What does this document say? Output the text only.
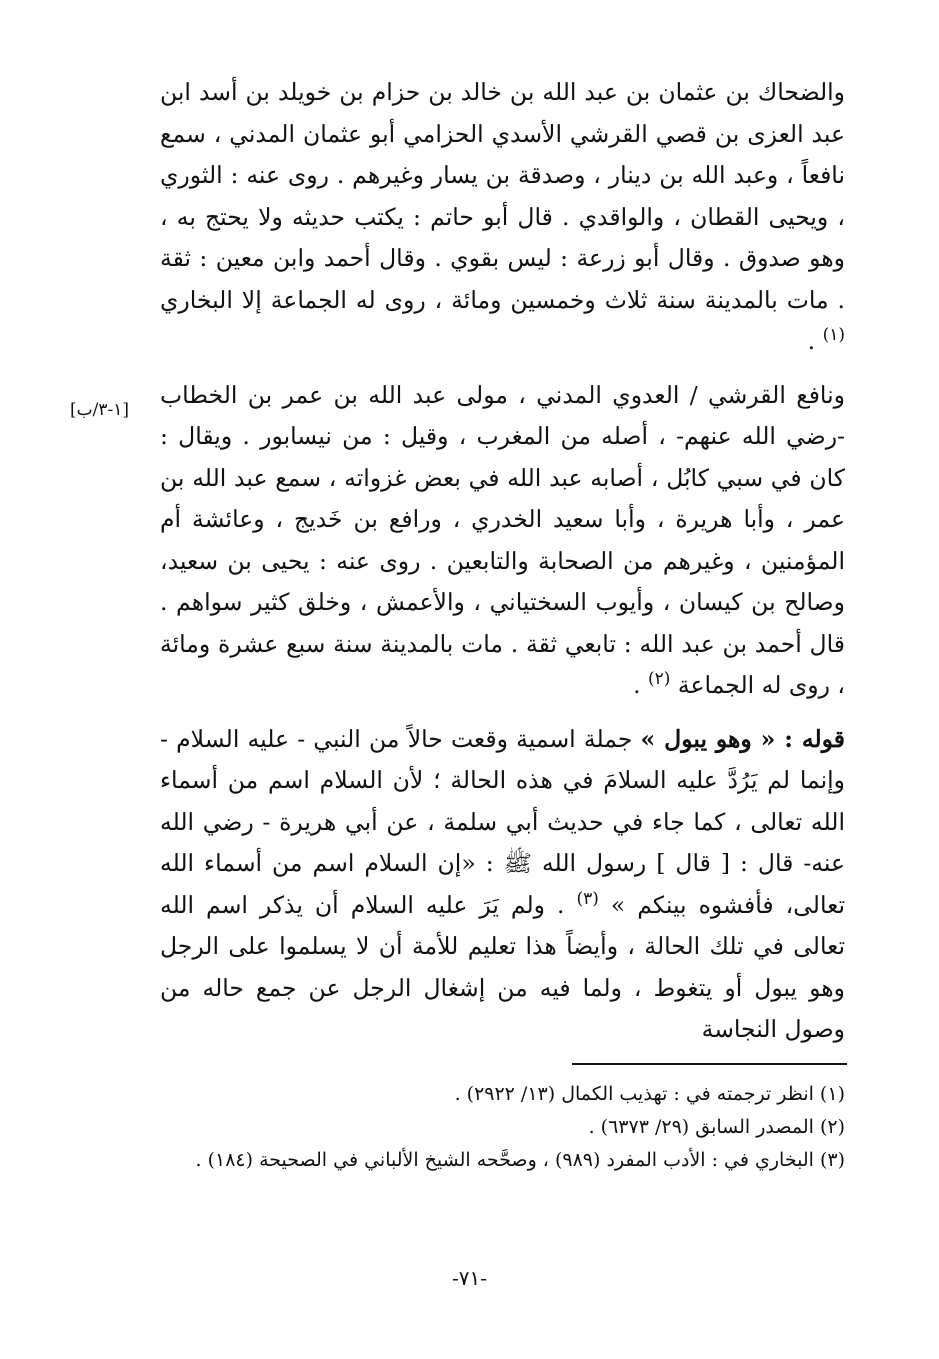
والضحاك بن عثمان بن عبد الله بن خالد بن حزام بن خويلد بن أسد ابن عبد العزى بن قصي القرشي الأسدي الحزامي أبو عثمان المدني ، سمع نافعاً ، وعبد الله بن دينار ، وصدقة بن يسار وغيرهم . روى عنه : الثوري ، ويحيى القطان ، والواقدي . قال أبو حاتم : يكتب حديثه ولا يحتج به ، وهو صدوق . وقال أبو زرعة : ليس بقوي . وقال أحمد وابن معين : ثقة . مات بالمدينة سنة ثلاث وخمسين ومائة ، روى له الجماعة إلا البخاري $^{(١)}$ .

ونافع القرشي / العدوي المدني ، مولى عبد الله بن عمر بن الخطاب -رضي الله عنهم- ، أصله من المغرب ، وقيل : من نيسابور . ويقال : كان في سبي كابُل ، أصابه عبد الله في بعض غزواته ، سمع عبد الله بن عمر ، وأبا هريرة ، وأبا سعيد الخدري ، ورافع بن خَديج ، وعائشة أم المؤمنين ، وغيرهم من الصحابة والتابعين . روى عنه : يحيى بن سعيد، وصالح بن كيسان ، وأيوب السختياني ، والأعمش ، وخلق كثير سواهم . قال أحمد بن عبد الله : تابعي ثقة . مات بالمدينة سنة سبع عشرة ومائة ، روى له الجماعة $^{(٢)}$ .

قوله : « وهو يبول » جملة اسمية وقعت حالاً من النبي - عليه السلام - وإنما لم يَرُدَّ عليه السلامَ في هذه الحالة ؛ لأن السلام اسم من أسماء الله تعالى ، كما جاء في حديث أبي سلمة ، عن أبي هريرة - رضي الله عنه- قال : [ قال ] رسول الله ﷺ : «إن السلام اسم من أسماء الله تعالى، فأفشوه بينكم » $^{(٣)}$ . ولم يَرَ عليه السلام أن يذكر اسم الله تعالى في تلك الحالة ، وأيضاً هذا تعليم للأمة أن لا يسلموا على الرجل وهو يبول أو يتغوط ، ولما فيه من إشغال الرجل عن جمع حاله من وصول النجاسة

[١-٣/ب]

(١) انظر ترجمته في : تهذيب الكمال (١٣/ ٢٩٢٢) .

(٢) المصدر السابق (٢٩/ ٦٣٧٣) .

(٣) البخاري في : الأدب المفرد (٩٨٩) ، وصحَّحه الشيخ الألباني في الصحيحة (١٨٤) .

-٧١-
